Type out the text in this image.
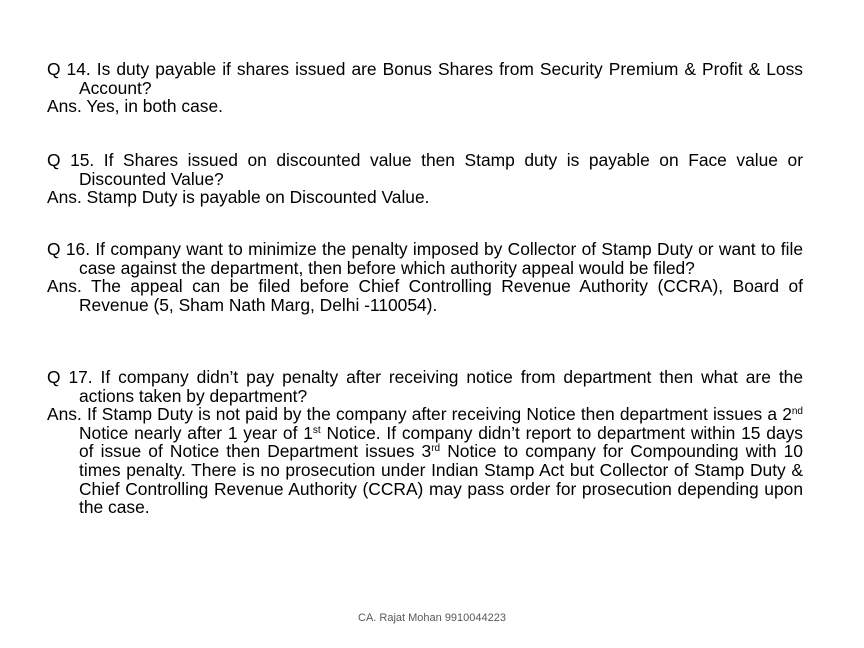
Q 14. Is duty payable if shares issued are Bonus Shares from Security Premium & Profit & Loss Account?

Ans. Yes, in both case.

Q 15. If Shares issued on discounted value then Stamp duty is payable on Face value or Discounted Value?

Ans. Stamp Duty is payable on Discounted Value.

Q 16. If company want to minimize the penalty imposed by Collector of Stamp Duty or want to file case against the department, then before which authority appeal would be filed?

Ans. The appeal can be filed before Chief Controlling Revenue Authority (CCRA), Board of Revenue (5, Sham Nath Marg, Delhi -110054).

Q 17. If company didn’t pay penalty after receiving notice from department then what are the actions taken by department?

Ans. If Stamp Duty is not paid by the company after receiving Notice then department issues a 2nd Notice nearly after 1 year of 1st Notice. If company didn’t report to department within 15 days of issue of Notice then Department issues 3rd Notice to company for Compounding with 10 times penalty. There is no prosecution under Indian Stamp Act but Collector of Stamp Duty & Chief Controlling Revenue Authority (CCRA) may pass order for prosecution depending upon the case.

CA. Rajat Mohan 9910044223
